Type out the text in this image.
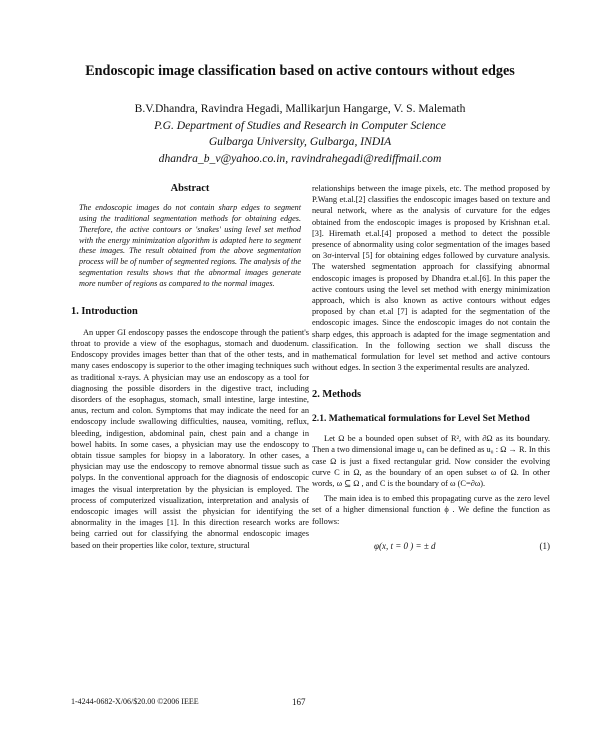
Endoscopic image classification based on active contours without edges
B.V.Dhandra, Ravindra Hegadi, Mallikarjun Hangarge, V. S. Malemath
P.G. Department of Studies and Research in Computer Science
Gulbarga University, Gulbarga, INDIA
dhandra_b_v@yahoo.co.in, ravindrahegadi@rediffmail.com
Abstract

The endoscopic images do not contain sharp edges to segment using the traditional segmentation methods for obtaining edges. Therefore, the active contours or 'snakes' using level set method with the energy minimization algorithm is adapted here to segment these images. The result obtained from the above segmentation process will be of number of segmented regions. The analysis of the segmentation results shows that the abnormal images generate more number of regions as compared to the normal images.

1. Introduction

An upper GI endoscopy passes the endoscope through the patient's throat to provide a view of the esophagus, stomach and duodenum. Endoscopy provides images better than that of the other tests, and in many cases endoscopy is superior to the other imaging techniques such as traditional x-rays. A physician may use an endoscopy as a tool for diagnosing the possible disorders in the digestive tract, including disorders of the esophagus, stomach, small intestine, large intestine, anus, rectum and colon. Symptoms that may indicate the need for an endoscopy include swallowing difficulties, nausea, vomiting, reflux, bleeding, indigestion, abdominal pain, chest pain and a change in bowel habits. In some cases, a physician may use the endoscopy to obtain tissue samples for biopsy in a laboratory. In other cases, a physician may use the endoscopy to remove abnormal tissue such as polyps. In the conventional approach for the diagnosis of endoscopic images the visual interpretation by the physician is employed. The process of computerized visualization, interpretation and analysis of endoscopic images will assist the physician for identifying the abnormality in the images [1]. In this direction research works are being carried out for classifying the abnormal endoscopic images based on their properties like color, texture, structural

relationships between the image pixels, etc. The method proposed by P.Wang et.al.[2] classifies the endoscopic images based on texture and neural network, where as the analysis of curvature for the edges obtained from the endoscopic images is proposed by Krishnan et.al.[3]. Hiremath et.al.[4] proposed a method to detect the possible presence of abnormality using color segmentation of the images based on 3σ-interval [5] for obtaining edges followed by curvature analysis. The watershed segmentation approach for classifying abnormal endoscopic images is proposed by Dhandra et.al.[6]. In this paper the active contours using the level set method with energy minimization approach, which is also known as active contours without edges proposed by chan et.al [7] is adapted for the segmentation of the endoscopic images. Since the endoscopic images do not contain the sharp edges, this approach is adapted for the image segmentation and classification. In the following section we shall discuss the mathematical formulation for level set method and active contours without edges. In section 3 the experimental results are analyzed.

2. Methods
2.1. Mathematical formulations for Level Set Method

Let Ω be a bounded open subset of R², with ∂Ω as its boundary. Then a two dimensional image u₀ can be defined as u₀ : Ω → R. In this case Ω is just a fixed rectangular grid. Now consider the evolving curve C in Ω, as the boundary of an open subset ω of Ω. In other words, ω ⊆ Ω , and C is the boundary of ω (C=∂ω).

The main idea is to embed this propagating curve as the zero level set of a higher dimensional function ϕ . We define the function as follows:

φ(x, t = 0 ) = ± d	(1)
1-4244-0682-X/06/$20.00 ©2006 IEEE	167
